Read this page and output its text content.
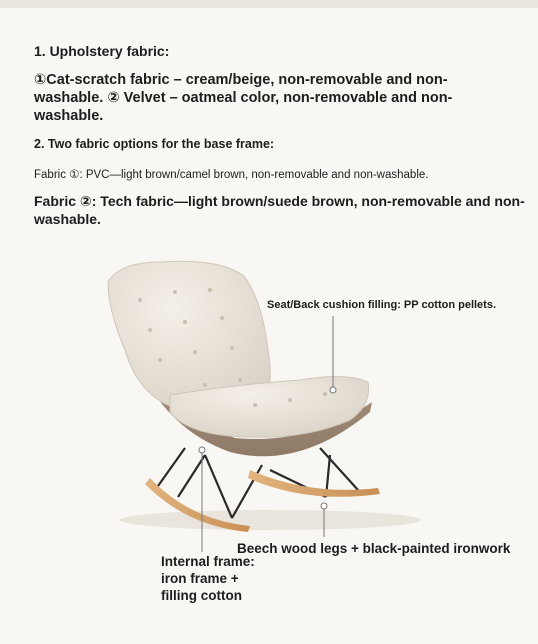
1. Upholstery fabric:

①Cat-scratch fabric – cream/beige, non-removable and non-washable. ② Velvet – oatmeal color, non-removable and non-washable.

2. Two fabric options for the base frame:

Fabric ①: PVC—light brown/camel brown, non-removable and non-washable.

Fabric ②: Tech fabric—light brown/suede brown, non-removable and non-washable.

Seat/Back cushion filling: PP cotton pellets.

Beech wood legs + black-painted ironwork

Internal frame:
iron frame +
filling cotton
